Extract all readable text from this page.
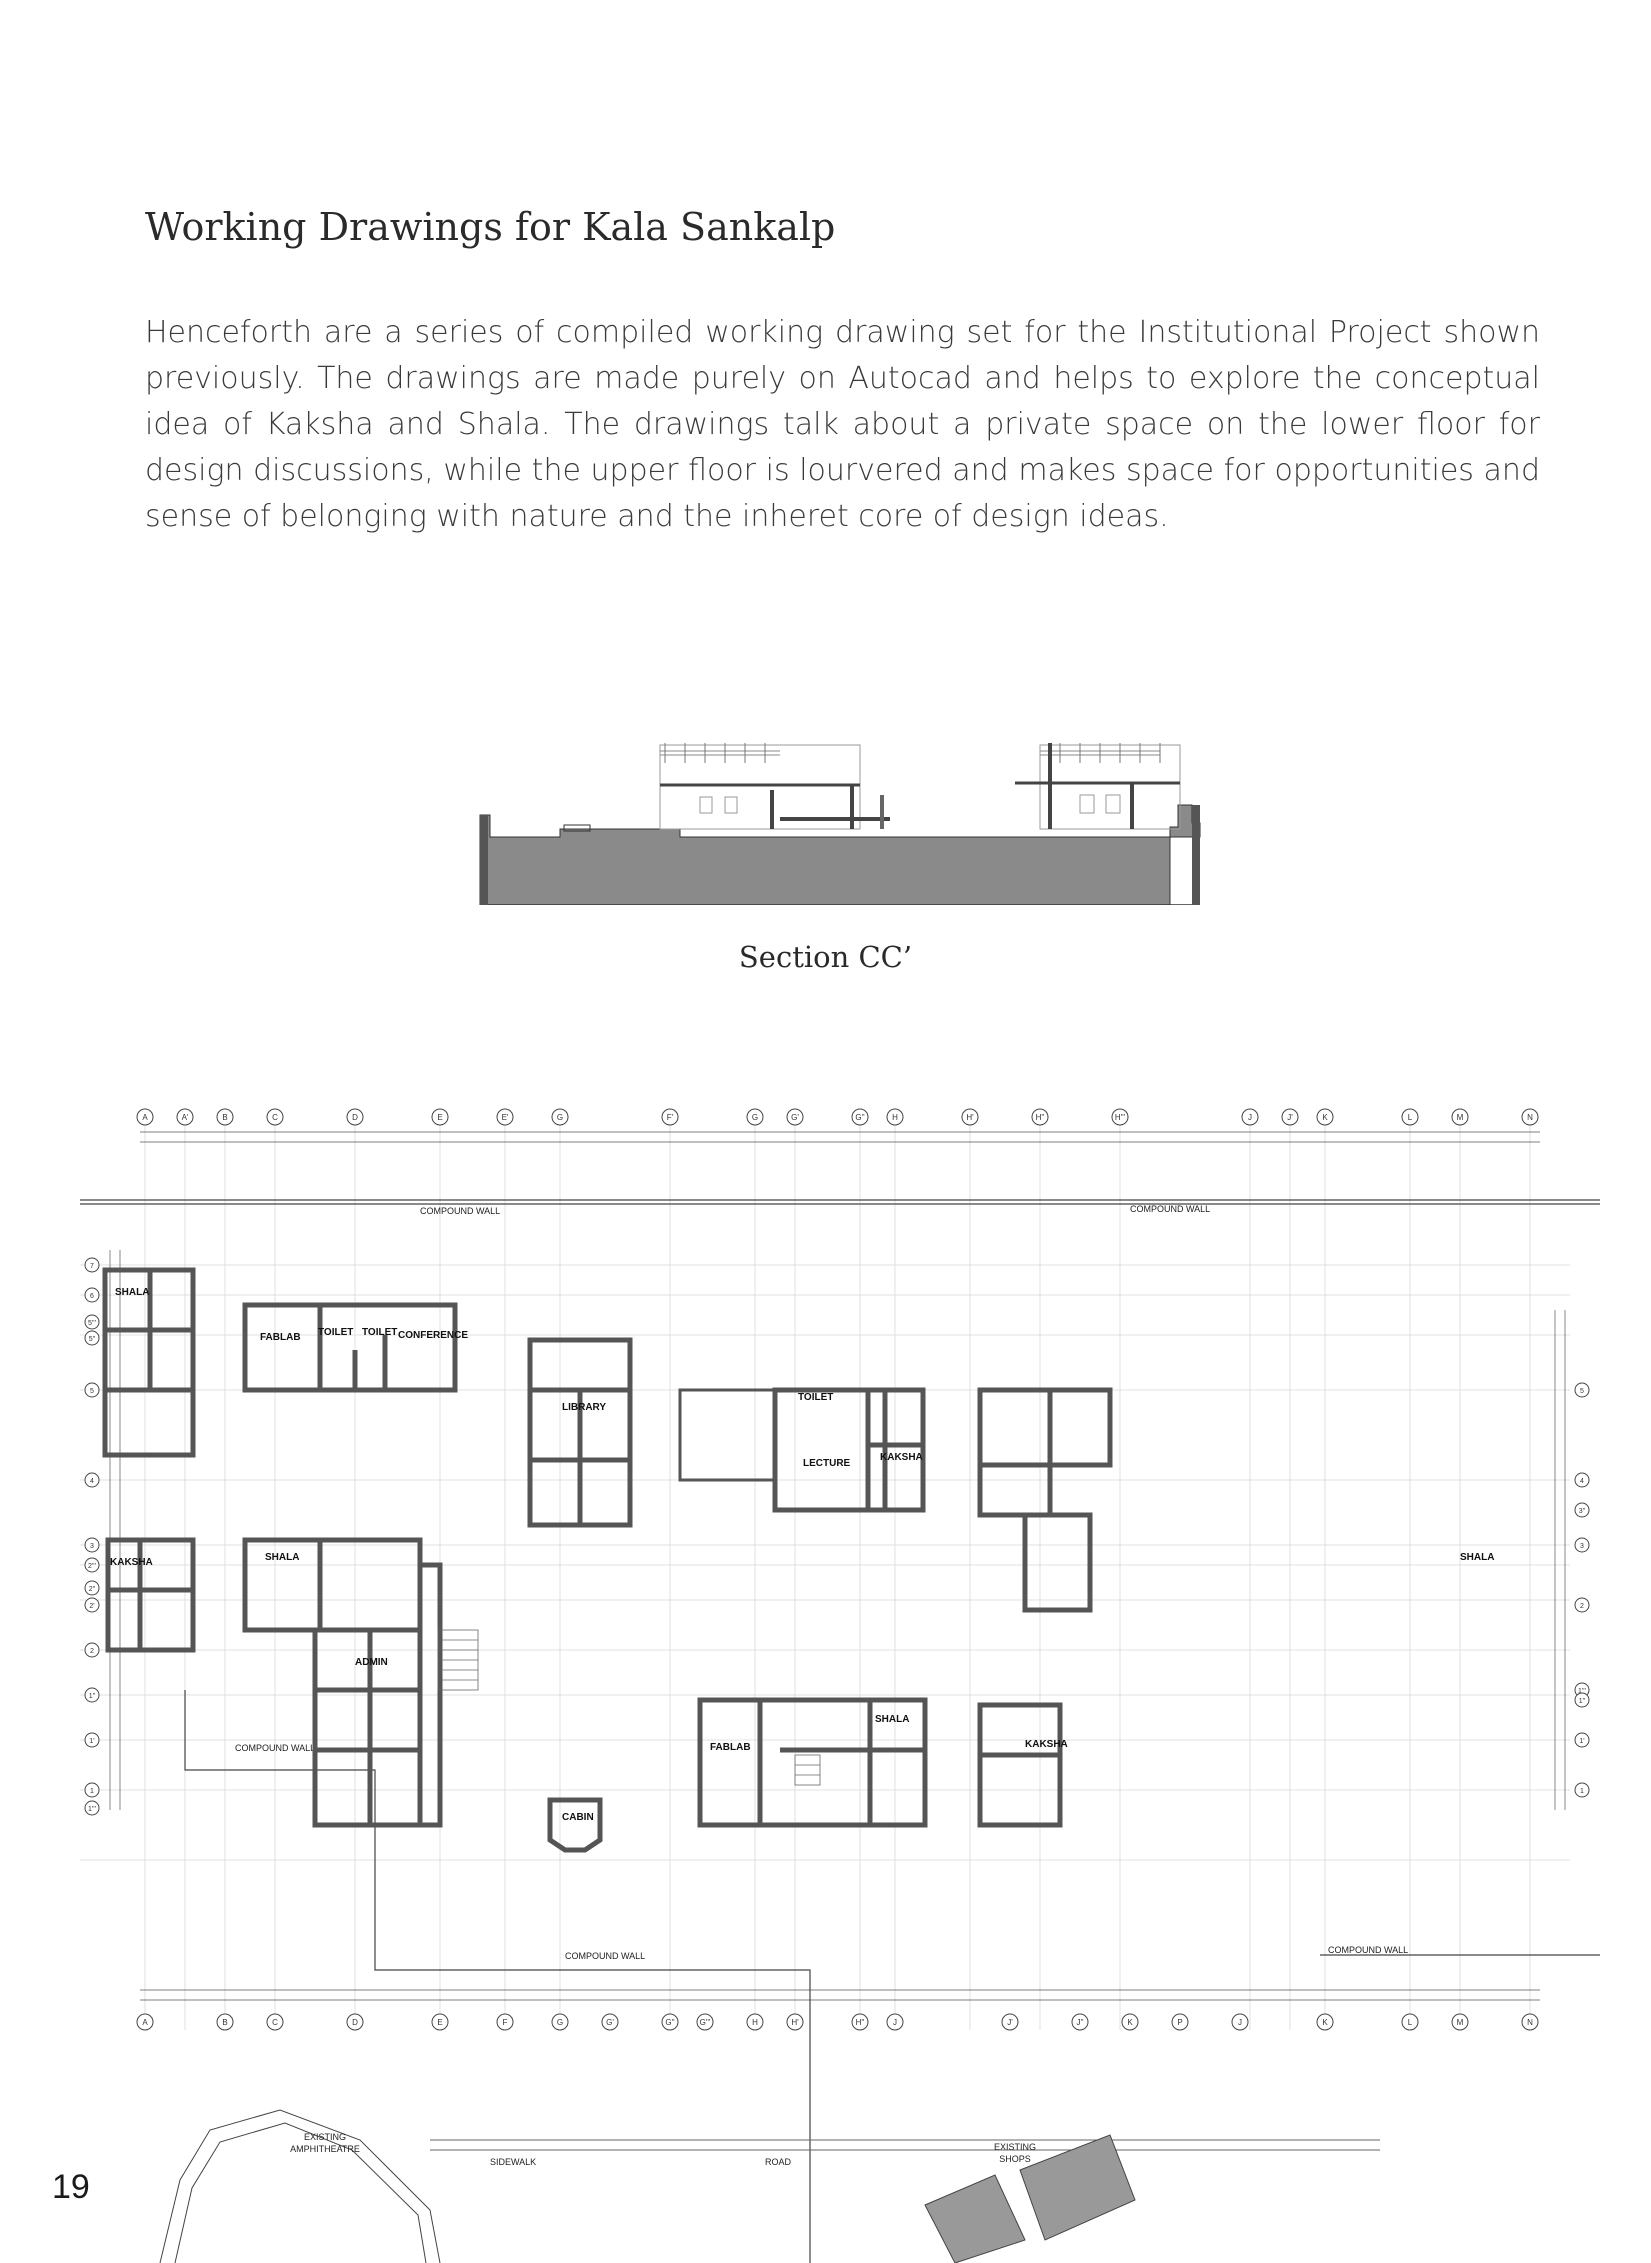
Working Drawings for Kala Sankalp
Henceforth are a series of compiled working drawing set for the Institutional Project shown previously. The drawings are made purely on Autocad and helps to explore the conceptual idea of Kaksha and Shala. The drawings talk about a private space on the lower floor for design discussions, while the upper floor is lourvered and makes space for opportunities and sense of belonging with nature and the inheret core of design ideas.
Section CC’
A	A'	B	C	D	E	E'	G	F'	G	G'	G''	H	H'	H''	H'''	J	J'	K	L	M	N
A	B	C	D	E	F	G	G'	G''	G'''	H	H'	H''	J	J'	J''	K	P	J	K	L	M	N
7
6
5'''
5''
5
4
3
2'''
2''
2'
2
1''
1'
1
1'''
5
4
3''
3
2
1'''
1''
1'
1
COMPOUND WALL	COMPOUND WALL
COMPOUND WALL
COMPOUND WALL
COMPOUND WALL
SHALA
FABLAB TOILET TOILET CONFERENCE
LIBRARY
TOILET
KAKSHA
LECTURE
SHALA
KAKSHA	SHALA
ADMIN
CABIN
FABLAB
SHALA
KAKSHA
EXISTING
AMPHITHEATRE
SIDEWALK	ROAD
EXISTING
SHOPS
19
